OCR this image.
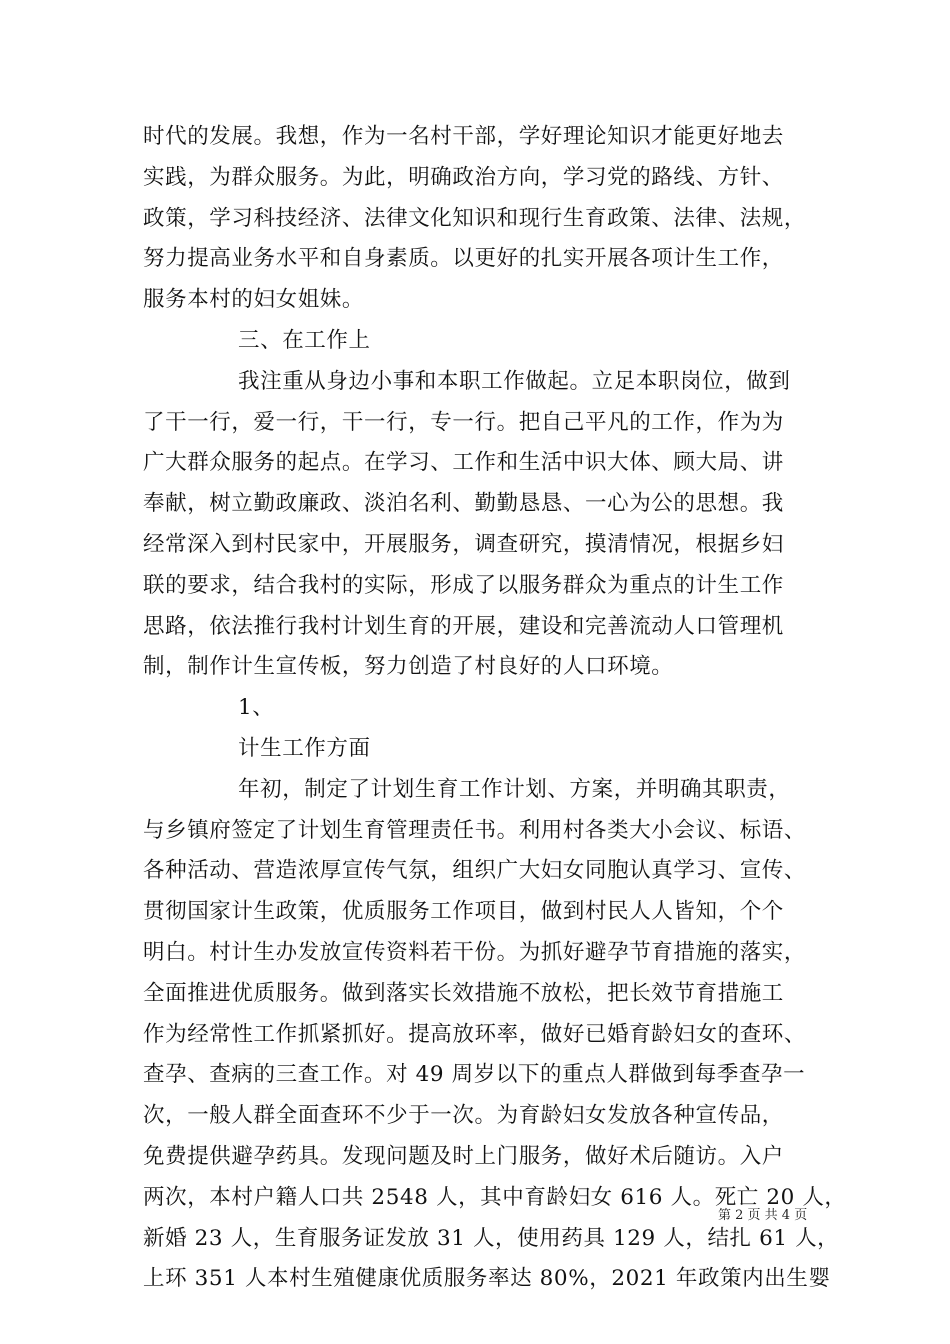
时代的发展。我想，作为一名村干部，学好理论知识才能更好地去
实践，为群众服务。为此，明确政治方向，学习党的路线、方针、
政策，学习科技经济、法律文化知识和现行生育政策、法律、法规，
努力提高业务水平和自身素质。以更好的扎实开展各项计生工作，
服务本村的妇女姐妹。
三、在工作上
我注重从身边小事和本职工作做起。立足本职岗位，做到
了干一行，爱一行，干一行，专一行。把自己平凡的工作，作为为
广大群众服务的起点。在学习、工作和生活中识大体、顾大局、讲
奉献，树立勤政廉政、淡泊名利、勤勤恳恳、一心为公的思想。我
经常深入到村民家中，开展服务，调查研究，摸清情况，根据乡妇
联的要求，结合我村的实际，形成了以服务群众为重点的计生工作
思路，依法推行我村计划生育的开展，建设和完善流动人口管理机
制，制作计生宣传板，努力创造了村良好的人口环境。
1、
计生工作方面
年初，制定了计划生育工作计划、方案，并明确其职责，
与乡镇府签定了计划生育管理责任书。利用村各类大小会议、标语、
各种活动、营造浓厚宣传气氛，组织广大妇女同胞认真学习、宣传、
贯彻国家计生政策，优质服务工作项目，做到村民人人皆知，个个
明白。村计生办发放宣传资料若干份。为抓好避孕节育措施的落实，
全面推进优质服务。做到落实长效措施不放松，把长效节育措施工
作为经常性工作抓紧抓好。提高放环率，做好已婚育龄妇女的查环、
查孕、查病的三查工作。对 49 周岁以下的重点人群做到每季查孕一
次，一般人群全面查环不少于一次。为育龄妇女发放各种宣传品，
免费提供避孕药具。发现问题及时上门服务，做好术后随访。入户
两次，本村户籍人口共 2548 人，其中育龄妇女 616 人。死亡 20 人，
新婚 23 人，生育服务证发放 31 人，使用药具 129 人，结扎 61 人，
上环 351 人本村生殖健康优质服务率达 80%，2021 年政策内出生婴
第 2 页 共 4 页
